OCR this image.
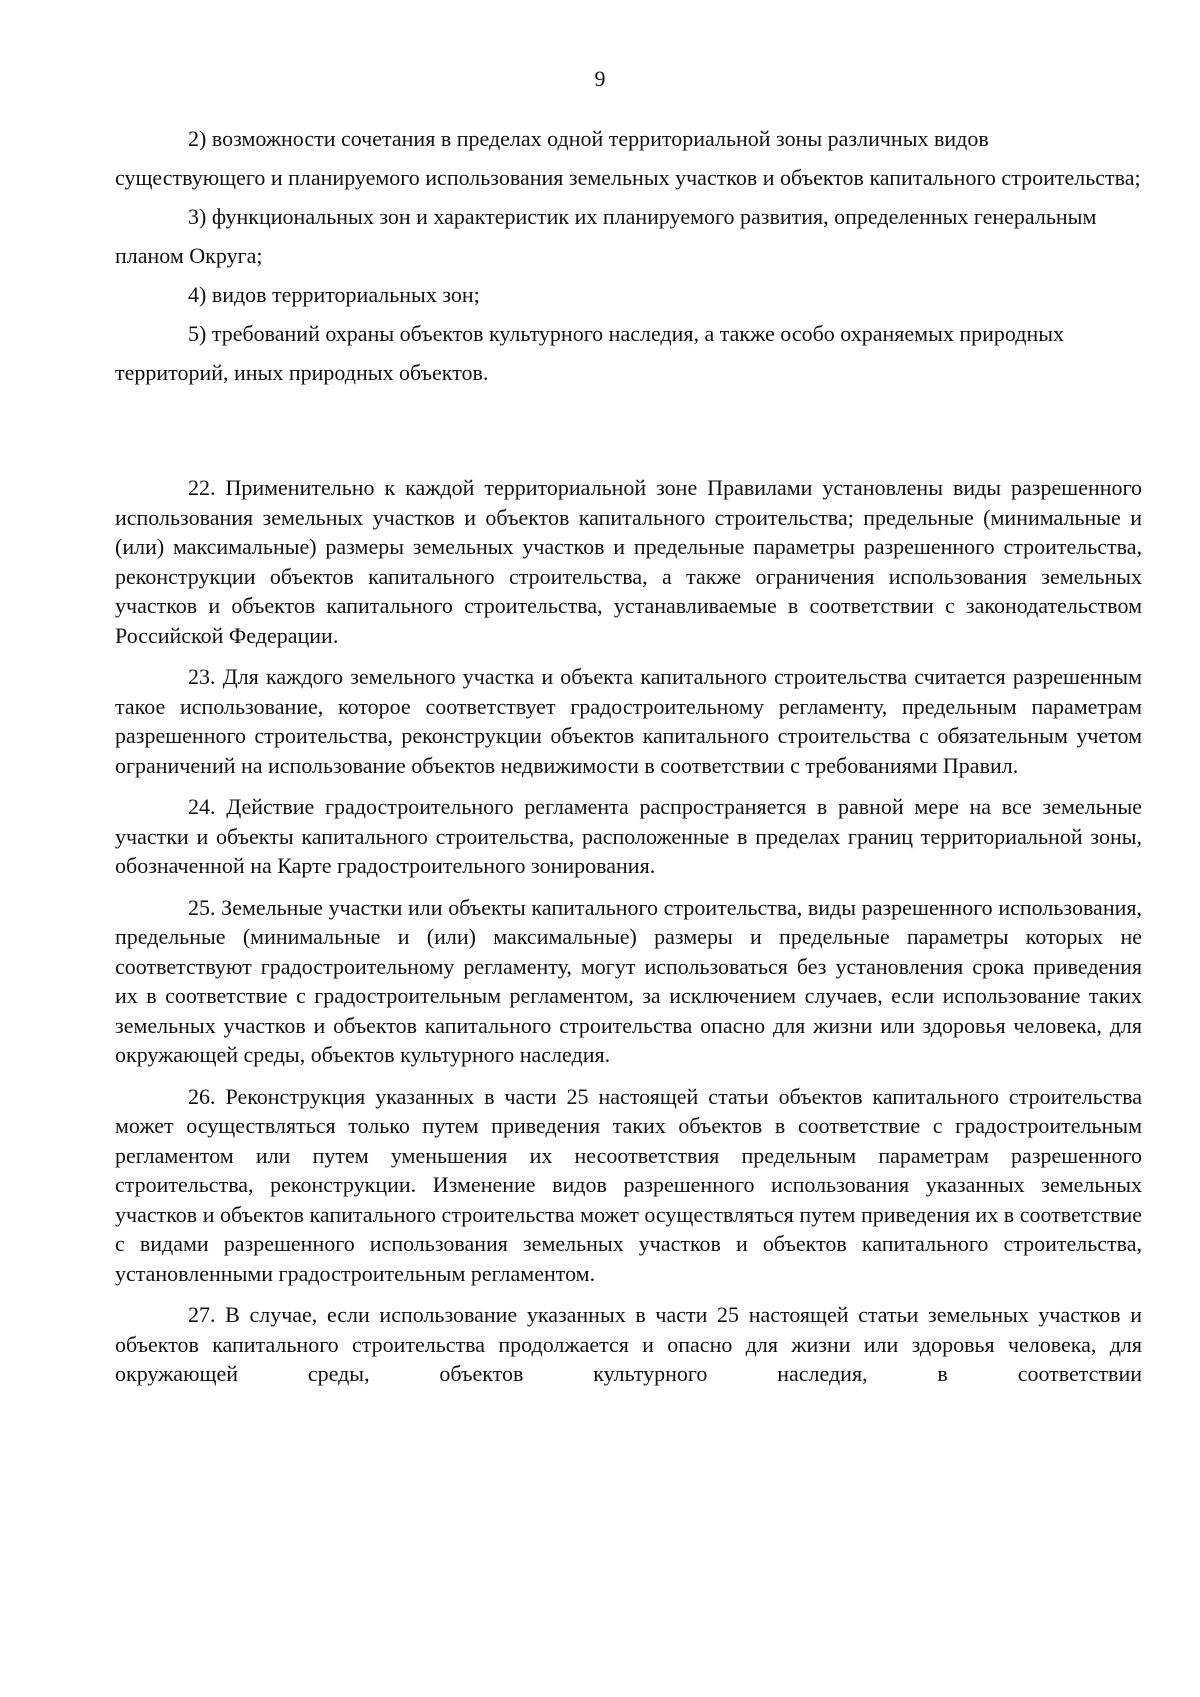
9

2) возможности сочетания в пределах одной территориальной зоны различных видов существующего и планируемого использования земельных участков и объектов капитального строительства;

3) функциональных зон и характеристик их планируемого развития, определенных генеральным планом Округа;

4) видов территориальных зон;

5) требований охраны объектов культурного наследия, а также особо охраняемых природных территорий, иных природных объектов.

22. Применительно к каждой территориальной зоне Правилами установлены виды разрешенного использования земельных участков и объектов капитального строительства; предельные (минимальные и (или) максимальные) размеры земельных участков и предельные параметры разрешенного строительства, реконструкции объектов капитального строительства, а также ограничения использования земельных участков и объектов капитального строительства, устанавливаемые в соответствии с законодательством Российской Федерации.

23. Для каждого земельного участка и объекта капитального строительства считается разрешенным такое использование, которое соответствует градостроительному регламенту, предельным параметрам разрешенного строительства, реконструкции объектов капитального строительства с обязательным учетом ограничений на использование объектов недвижимости в соответствии с требованиями Правил.

24. Действие градостроительного регламента распространяется в равной мере на все земельные участки и объекты капитального строительства, расположенные в пределах границ территориальной зоны, обозначенной на Карте градостроительного зонирования.

25. Земельные участки или объекты капитального строительства, виды разрешенного использования, предельные (минимальные и (или) максимальные) размеры и предельные параметры которых не соответствуют градостроительному регламенту, могут использоваться без установления срока приведения их в соответствие с градостроительным регламентом, за исключением случаев, если использование таких земельных участков и объектов капитального строительства опасно для жизни или здоровья человека, для окружающей среды, объектов культурного наследия.

26. Реконструкция указанных в части 25 настоящей статьи объектов капитального строительства может осуществляться только путем приведения таких объектов в соответствие с градостроительным регламентом или путем уменьшения их несоответствия предельным параметрам разрешенного строительства, реконструкции. Изменение видов разрешенного использования указанных земельных участков и объектов капитального строительства может осуществляться путем приведения их в соответствие с видами разрешенного использования земельных участков и объектов капитального строительства, установленными градостроительным регламентом.

27. В случае, если использование указанных в части 25 настоящей статьи земельных участков и объектов капитального строительства продолжается и опасно для жизни или здоровья человека, для окружающей среды, объектов культурного наследия, в соответствии
